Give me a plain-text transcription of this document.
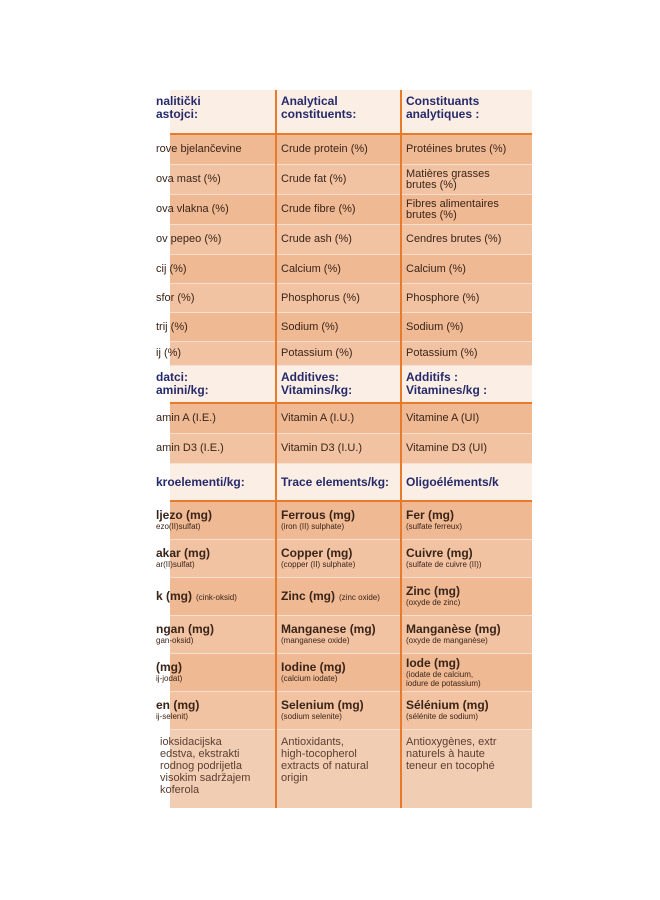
nalitički
astojci:
rove bjelančevine
ova mast (%)
ova vlakna (%)
ov pepeo (%)
cij (%)
sfor (%)
trij (%)
ij (%)
datci:
amini/kg:
amin A (I.E.)
amin D3 (I.E.)
kroelementi/kg:
ljezo (mg)
ezo(II)sulfat)
akar (mg)
ar(II)sulfat)
k (mg) (cink-oksid)
ngan (mg)
gan-oksid)
(mg)
ij-jodat)
en (mg)
ij-selenit)
ioksidacijska
edstva, ekstrakti
rodnog podrijetla
visokim sadržajem
koferola
Analytical
constituents:
Crude protein (%)
Crude fat (%)
Crude fibre (%)
Crude ash (%)
Calcium (%)
Phosphorus (%)
Sodium (%)
Potassium (%)
Additives:
Vitamins/kg:
Vitamin A (I.U.)
Vitamin D3 (I.U.)
Trace elements/kg:
Ferrous (mg)
(iron (II) sulphate)
Copper (mg)
(copper (II) sulphate)
Zinc (mg) (zinc oxide)
Manganese (mg)
(manganese oxide)
Iodine (mg)
(calcium iodate)
Selenium (mg)
(sodium selenite)
Antioxidants,
high-tocopherol
extracts of natural
origin
Constituants
analytiques :
Protéines brutes (%)
Matières grasses
brutes (%)
Fibres alimentaires
brutes (%)
Cendres brutes (%)
Calcium (%)
Phosphore (%)
Sodium (%)
Potassium (%)
Additifs :
Vitamines/kg :
Vitamine A (UI)
Vitamine D3 (UI)
Oligoéléments/k
Fer (mg)
(sulfate ferreux)
Cuivre (mg)
(sulfate de cuivre (II))
Zinc (mg)
(oxyde de zinc)
Manganèse (mg)
(oxyde de manganèse)
Iode (mg)
(iodate de calcium,
iodure de potassium)
Sélénium (mg)
(sélénite de sodium)
Antioxygènes, extr
naturels à haute
teneur en tocophé
